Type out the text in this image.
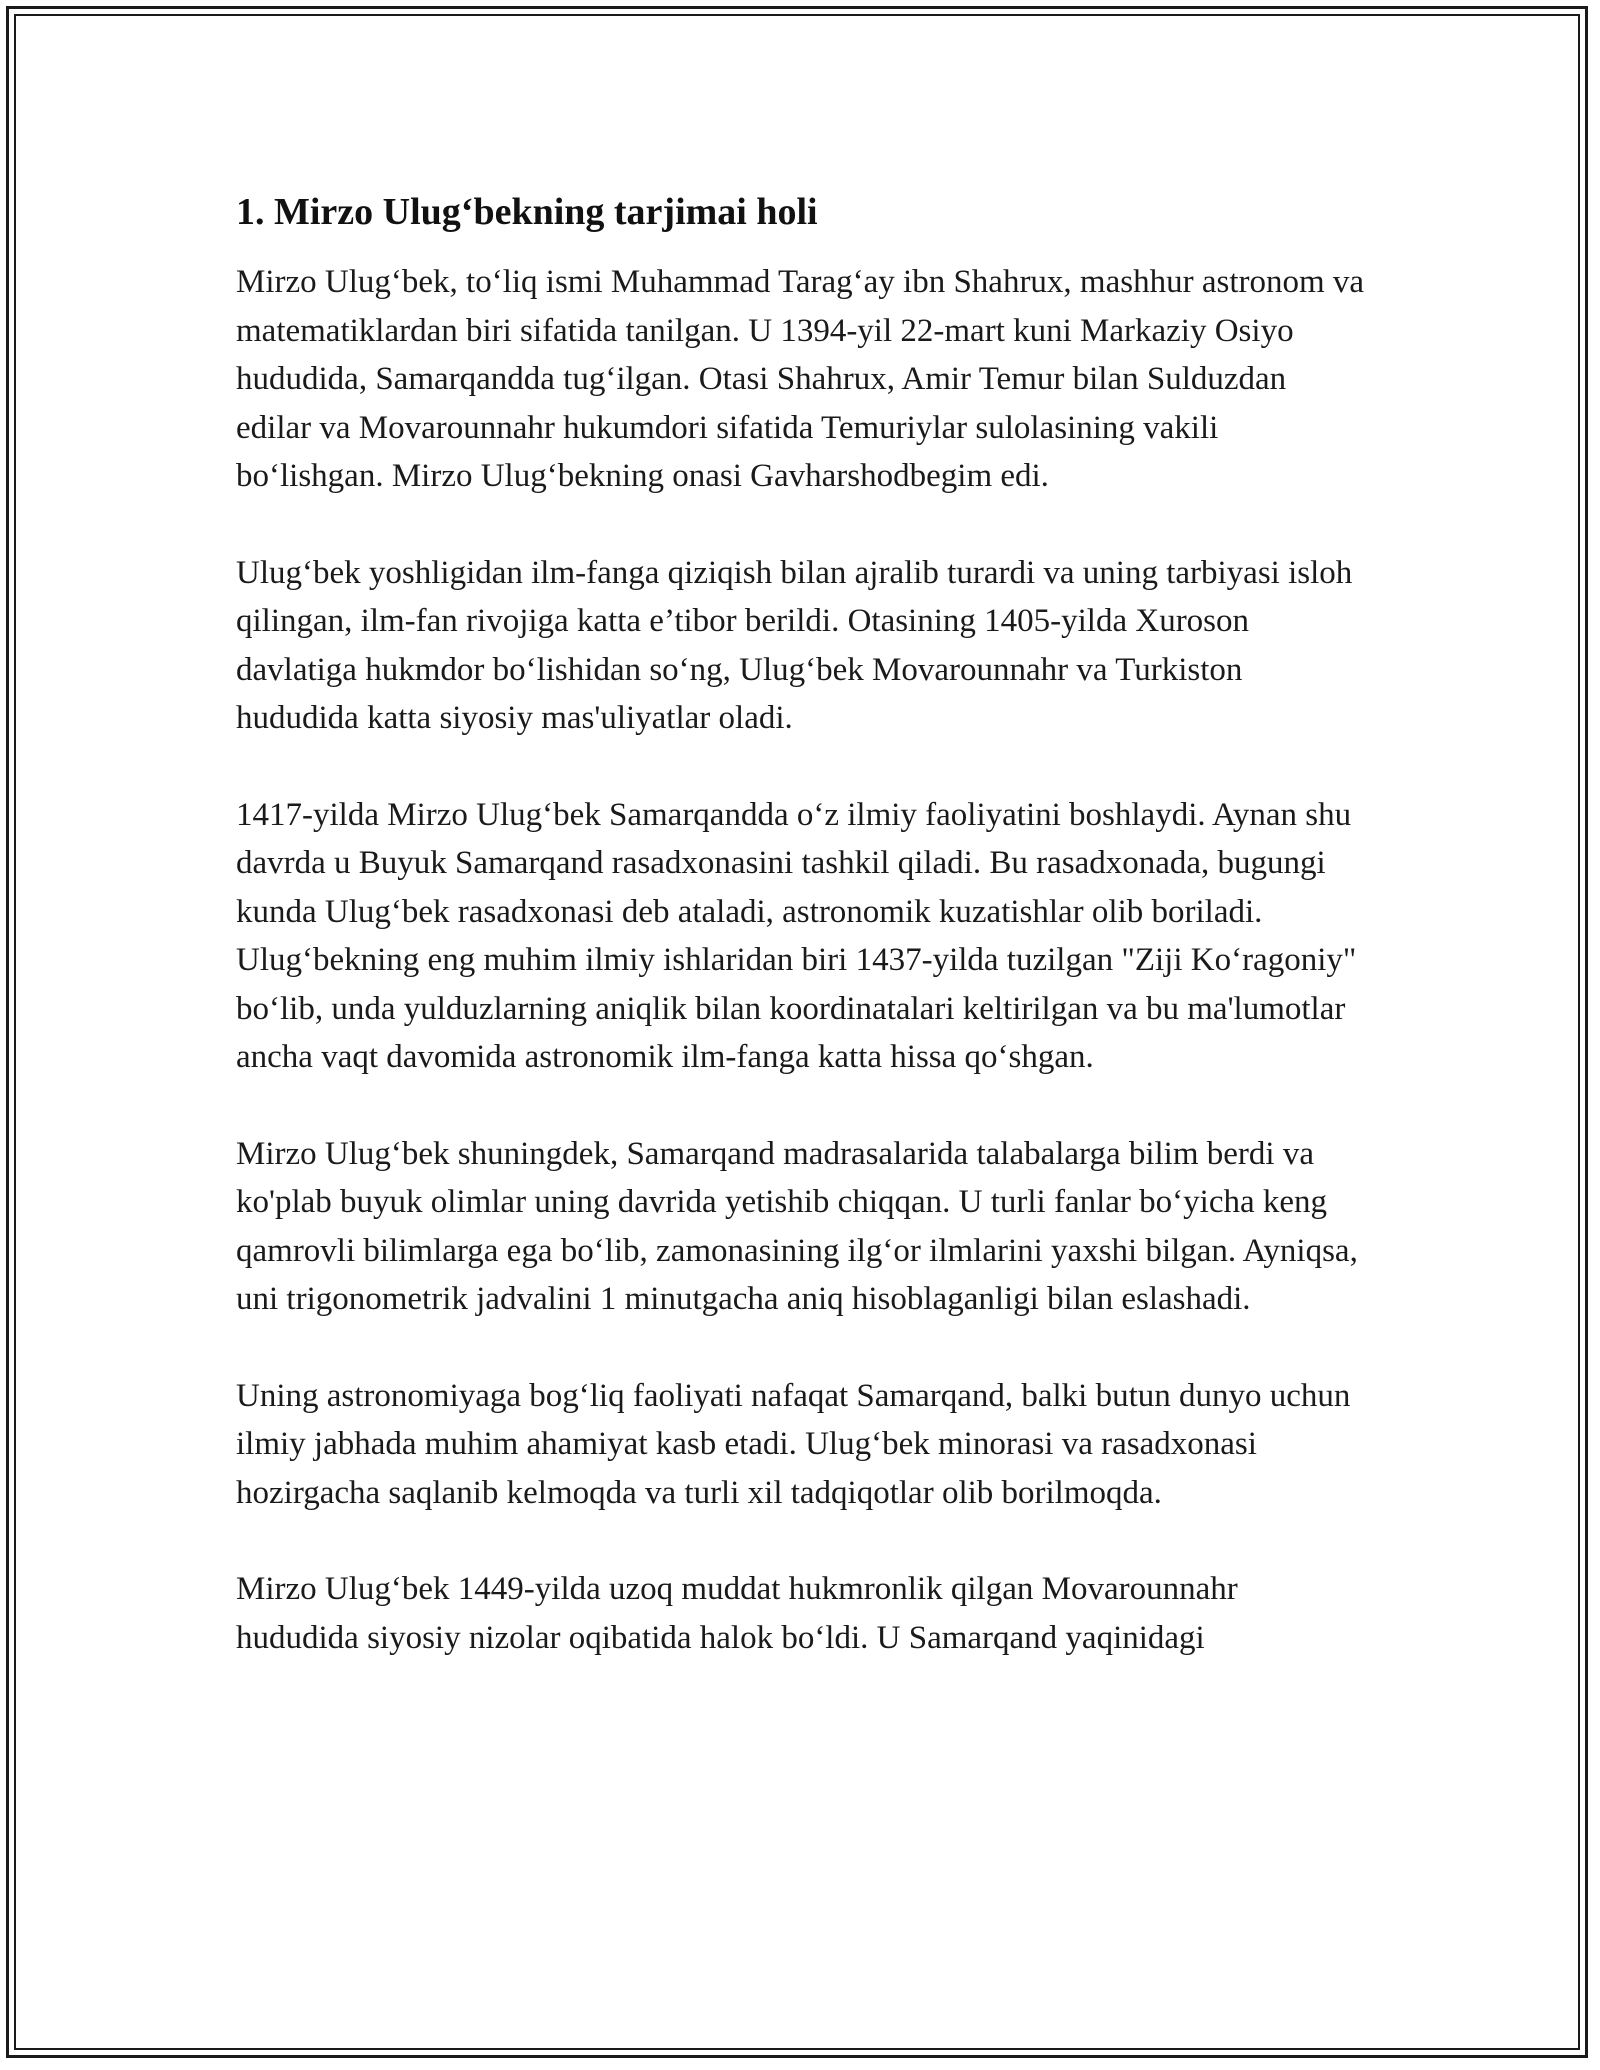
1. Mirzo Ulug‘bekning tarjimai holi

Mirzo Ulug‘bek, to‘liq ismi Muhammad Tarag‘ay ibn Shahrux, mashhur astronom va matematiklardan biri sifatida tanilgan. U 1394-yil 22-mart kuni Markaziy Osiyo hududida, Samarqandda tug‘ilgan. Otasi Shahrux, Amir Temur bilan Sulduzdan edilar va Movarounnahr hukumdori sifatida Temuriylar sulolasining vakili bo‘lishgan. Mirzo Ulug‘bekning onasi Gavharshodbegim edi.

Ulug‘bek yoshligidan ilm-fanga qiziqish bilan ajralib turardi va uning tarbiyasi isloh qilingan, ilm-fan rivojiga katta e’tibor berildi. Otasining 1405-yilda Xuroson davlatiga hukmdor bo‘lishidan so‘ng, Ulug‘bek Movarounnahr va Turkiston hududida katta siyosiy mas'uliyatlar oladi.

1417-yilda Mirzo Ulug‘bek Samarqandda o‘z ilmiy faoliyatini boshlaydi. Aynan shu davrda u Buyuk Samarqand rasadxonasini tashkil qiladi. Bu rasadxonada, bugungi kunda Ulug‘bek rasadxonasi deb ataladi, astronomik kuzatishlar olib boriladi. Ulug‘bekning eng muhim ilmiy ishlaridan biri 1437-yilda tuzilgan "Ziji Ko‘ragoniy" bo‘lib, unda yulduzlarning aniqlik bilan koordinatalari keltirilgan va bu ma'lumotlar ancha vaqt davomida astronomik ilm-fanga katta hissa qo‘shgan.

Mirzo Ulug‘bek shuningdek, Samarqand madrasalarida talabalarga bilim berdi va ko'plab buyuk olimlar uning davrida yetishib chiqqan. U turli fanlar bo‘yicha keng qamrovli bilimlarga ega bo‘lib, zamonasining ilg‘or ilmlarini yaxshi bilgan. Ayniqsa, uni trigonometrik jadvalini 1 minutgacha aniq hisoblaganligi bilan eslashadi.

Uning astronomiyaga bog‘liq faoliyati nafaqat Samarqand, balki butun dunyo uchun ilmiy jabhada muhim ahamiyat kasb etadi. Ulug‘bek minorasi va rasadxonasi hozirgacha saqlanib kelmoqda va turli xil tadqiqotlar olib borilmoqda.

Mirzo Ulug‘bek 1449-yilda uzoq muddat hukmronlik qilgan Movarounnahr hududida siyosiy nizolar oqibatida halok bo‘ldi. U Samarqand yaqinidagi
